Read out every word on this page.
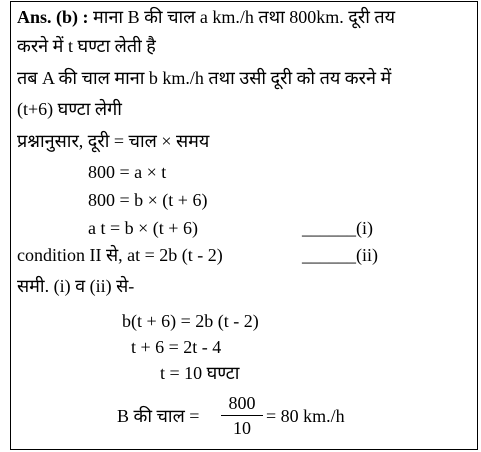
Ans. (b) : माना B की चाल a km./h तथा 800km. दूरी तय
करने में t घण्टा लेती है
तब A की चाल माना b km./h तथा उसी दूरी को तय करने में
(t+6) घण्टा लेगी
प्रश्नानुसार, दूरी = चाल × समय
800 = a × t
800 = b × (t + 6)
a t = b × (t + 6)	______(i)
condition II से, at = 2b (t - 2)	______(ii)
समी. (i) व (ii) से-
b(t + 6) = 2b (t - 2)
t + 6 = 2t - 4
t = 10 घण्टा
B की चाल =
800
10
= 80 km./h
